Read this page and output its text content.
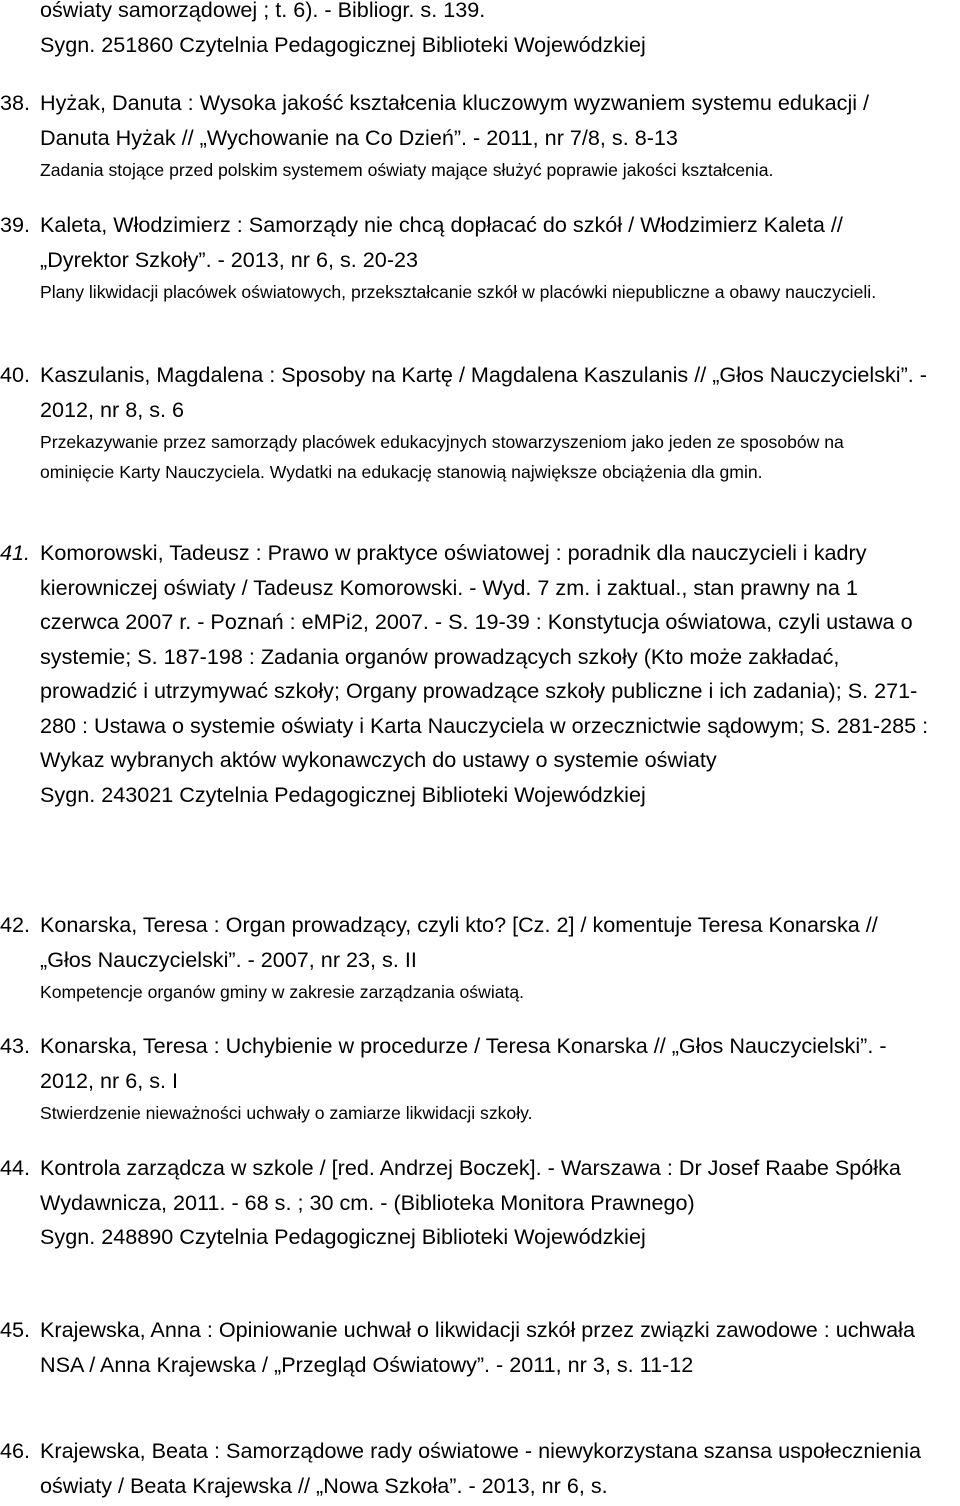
oświaty samorządowej ; t. 6). - Bibliogr. s. 139.
Sygn. 251860 Czytelnia Pedagogicznej Biblioteki Wojewódzkiej
38. Hyżak, Danuta : Wysoka jakość kształcenia kluczowym wyzwaniem systemu edukacji / Danuta Hyżak // „Wychowanie na Co Dzień”. - 2011, nr 7/8, s. 8-13
Zadania stojące przed polskim systemem oświaty mające służyć poprawie jakości kształcenia.
39. Kaleta, Włodzimierz : Samorządy nie chcą dopłacać do szkół / Włodzimierz Kaleta // „Dyrektor Szkoły”. - 2013, nr 6, s. 20-23
Plany likwidacji placówek oświatowych, przekształcanie szkół w placówki niepubliczne a obawy nauczycieli.
40. Kaszulanis, Magdalena : Sposoby na Kartę / Magdalena Kaszulanis // „Głos Nauczycielski”. - 2012, nr 8, s. 6
Przekazywanie przez samorządy placówek edukacyjnych stowarzyszeniom jako jeden ze sposobów na ominięcie Karty Nauczyciela. Wydatki na edukację stanowią największe obciążenia dla gmin.
41. Komorowski, Tadeusz : Prawo w praktyce oświatowej : poradnik dla nauczycieli i kadry kierowniczej oświaty / Tadeusz Komorowski. - Wyd. 7 zm. i zaktual., stan prawny na 1 czerwca 2007 r. - Poznań : eMPi2, 2007. - S. 19-39 : Konstytucja oświatowa, czyli ustawa o systemie; S. 187-198 : Zadania organów prowadzących szkoły (Kto może zakładać, prowadzić i utrzymywać szkoły; Organy prowadzące szkoły publiczne i ich zadania); S. 271-280 : Ustawa o systemie oświaty i Karta Nauczyciela w orzecznictwie sądowym; S. 281-285 : Wykaz wybranych aktów wykonawczych do ustawy o systemie oświaty
Sygn. 243021 Czytelnia Pedagogicznej Biblioteki Wojewódzkiej
42. Konarska, Teresa : Organ prowadzący, czyli kto? [Cz. 2] / komentuje Teresa Konarska // „Głos Nauczycielski”. - 2007, nr 23, s. II
Kompetencje organów gminy w zakresie zarządzania oświatą.
43. Konarska, Teresa : Uchybienie w procedurze / Teresa Konarska // „Głos Nauczycielski”. - 2012, nr 6, s. I
Stwierdzenie nieważności uchwały o zamiarze likwidacji szkoły.
44. Kontrola zarządcza w szkole / [red. Andrzej Boczek]. - Warszawa : Dr Josef Raabe Spółka Wydawnicza, 2011. - 68 s. ; 30 cm. - (Biblioteka Monitora Prawnego)
Sygn. 248890 Czytelnia Pedagogicznej Biblioteki Wojewódzkiej
45. Krajewska, Anna : Opiniowanie uchwał o likwidacji szkół przez związki zawodowe : uchwała NSA / Anna Krajewska / „Przegląd Oświatowy”. - 2011, nr 3, s. 11-12
46. Krajewska, Beata : Samorządowe rady oświatowe - niewykorzystana szansa uspołecznienia oświaty / Beata Krajewska // „Nowa Szkoła”. - 2013, nr 6, s.
